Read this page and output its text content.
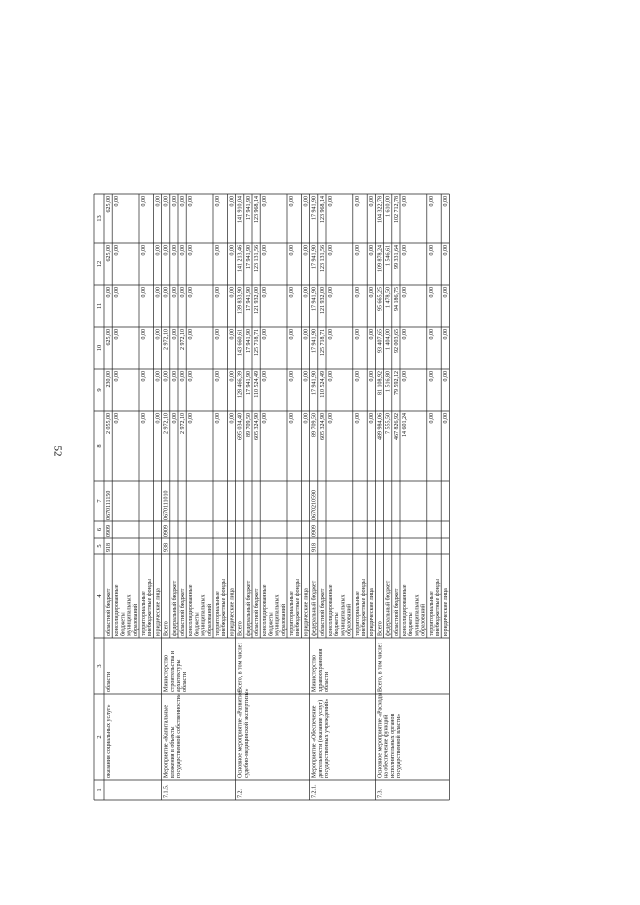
52
1
2
3
4
5
6
7
8
9
10
11
12
13
оказания социальных услуг»
области
областной бюджет
918
0909
0670111150
2 055,00
230,00
625,00
0,00
625,00
625,00
консолидированные бюджеты муниципальных образований
0,00
0,00
0,00
0,00
0,00
0,00
территориальные внебюджетные фонды
0,00
0,00
0,00
0,00
0,00
0,00
юридические лица
0,00
0,00
0,00
0,00
0,00
0,00
7.1.5.
Мероприятие «Капитальные вложения в объекты государственной собственности»
Министерство строительства и архитектуры области
Всего
938
0909
0670111010
2 972,10
0,00
2 972,10
0,00
0,00
0,00
федеральный бюджет
0,00
0,00
0,00
0,00
0,00
0,00
областной бюджет
2 972,10
0,00
2 972,10
0,00
0,00
0,00
консолидированные бюджеты муниципальных образований
0,00
0,00
0,00
0,00
0,00
0,00
территориальные внебюджетные фонды
0,00
0,00
0,00
0,00
0,00
0,00
юридические лица
0,00
0,00
0,00
0,00
0,00
0,00
7.2.
Основное мероприятие «Развитие судебно-медицинской экспертизы»
Всего, в том числе:
Всего
695 034,40
128 466,39
143 660,61
139 833,90
141 213,46
141 910,04
федеральный бюджет
89 709,50
17 941,90
17 941,90
17 941,90
17 941,90
17 941,90
областной бюджет
605 324,90
110 524,49
125 718,71
121 932,00
123 131,56
123 968,14
консолидированные бюджеты муниципальных образований
0,00
0,00
0,00
0,00
0,00
0,00
территориальные внебюджетные фонды
0,00
0,00
0,00
0,00
0,00
0,00
юридические лица
0,00
0,00
0,00
0,00
0,00
0,00
7.2.1.
Мероприятие «Обеспечение деятельности (оказание услуг) государственных учреждений»
Министерство здравоохранения области
федеральный бюджет
918
0909
0670210590
89 709,50
17 941,90
17 941,90
17 941,90
17 941,90
17 941,90
областной бюджет
605 324,90
110 524,49
125 718,71
121 932,00
123 131,56
123 968,14
консолидированные бюджеты муниципальных образований
0,00
0,00
0,00
0,00
0,00
0,00
территориальные внебюджетные фонды
0,00
0,00
0,00
0,00
0,00
0,00
юридические лица
0,00
0,00
0,00
0,00
0,00
0,00
7.3.
Основное мероприятие «Расходы на обеспечение функций исполнительных органов государственной власти»
Всего, в том числе:
Всего
489 984,06
81 108,92
93 407,65
95 665,25
109 878,24
104 322,78
федеральный бюджет
7 555,50
1 516,80
1 404,00
1 478,50
1 546,61
1 610,00
областной бюджет
467 826,92
79 592,12
92 003,65
94 186,75
99 331,64
102 712,78
консолидированные бюджеты муниципальных образований
14 601,24
0,00
0,00
0,00
0,00
0,00
территориальные внебюджетные фонды
0,00
0,00
0,00
0,00
0,00
0,00
юридические лица
0,00
0,00
0,00
0,00
0,00
0,00
